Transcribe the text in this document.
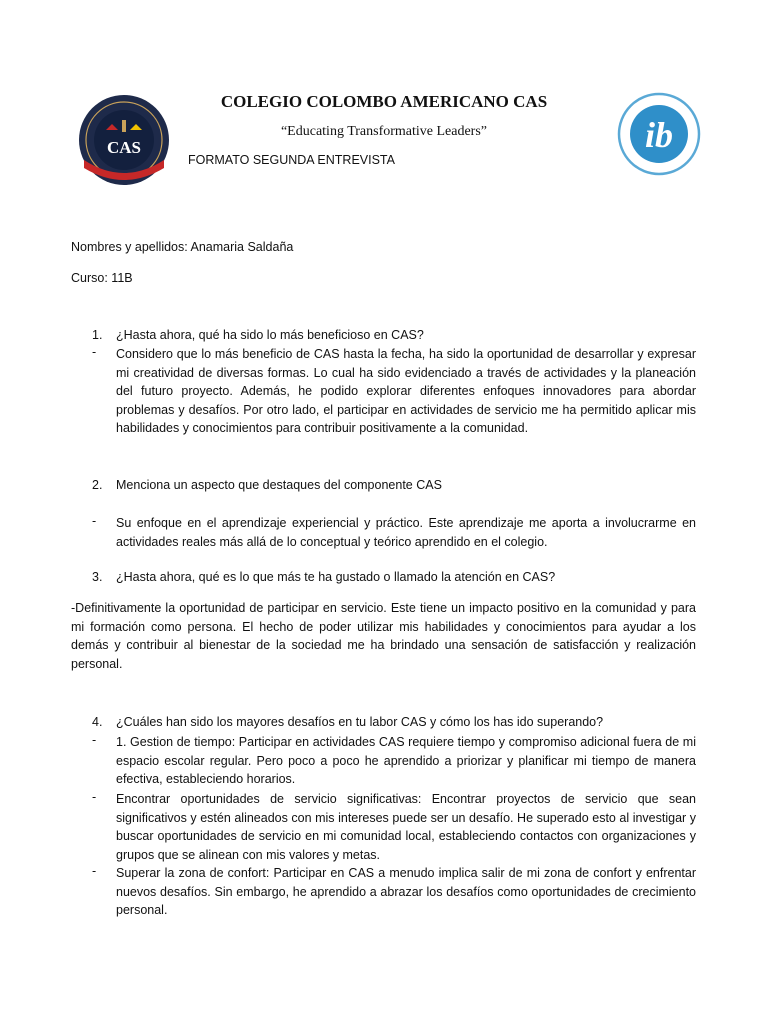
CAS	ib
COLEGIO COLOMBO AMERICANO CAS
“Educating Transformative Leaders”
FORMATO SEGUNDA ENTREVISTA
Nombres y apellidos: Anamaria Saldaña
Curso: 11B
1.	¿Hasta ahora, qué ha sido lo más beneficioso en CAS?
- Considero que lo más beneficio de CAS hasta la fecha, ha sido la oportunidad de desarrollar y expresar mi creatividad de diversas formas. Lo cual ha sido evidenciado a través de actividades y la planeación del futuro proyecto. Además, he podido explorar diferentes enfoques innovadores para abordar problemas y desafíos. Por otro lado, el participar en actividades de servicio me ha permitido aplicar mis habilidades y conocimientos para contribuir positivamente a la comunidad.
2.	Menciona un aspecto que destaques del componente CAS
- Su enfoque en el aprendizaje experiencial y práctico. Este aprendizaje me aporta a involucrarme en actividades reales más allá de lo conceptual y teórico aprendido en el colegio.
3.	¿Hasta ahora, qué es lo que más te ha gustado o llamado la atención en CAS?
-Definitivamente la oportunidad de participar en servicio. Este tiene un impacto positivo en la comunidad y para mi formación como persona. El hecho de poder utilizar mis habilidades y conocimientos para ayudar a los demás y contribuir al bienestar de la sociedad me ha brindado una sensación de satisfacción y realización personal.
4.	¿Cuáles han sido los mayores desafíos en tu labor CAS y cómo los has ido superando?
- 1. Gestion de tiempo: Participar en actividades CAS requiere tiempo y compromiso adicional fuera de mi espacio escolar regular. Pero poco a poco he aprendido a priorizar y planificar mi tiempo de manera efectiva, estableciendo horarios.
- Encontrar oportunidades de servicio significativas: Encontrar proyectos de servicio que sean significativos y estén alineados con mis intereses puede ser un desafío. He superado esto al investigar y buscar oportunidades de servicio en mi comunidad local, estableciendo contactos con organizaciones y grupos que se alinean con mis valores y metas.
- Superar la zona de confort: Participar en CAS a menudo implica salir de mi zona de confort y enfrentar nuevos desafíos. Sin embargo, he aprendido a abrazar los desafíos como oportunidades de crecimiento personal.
